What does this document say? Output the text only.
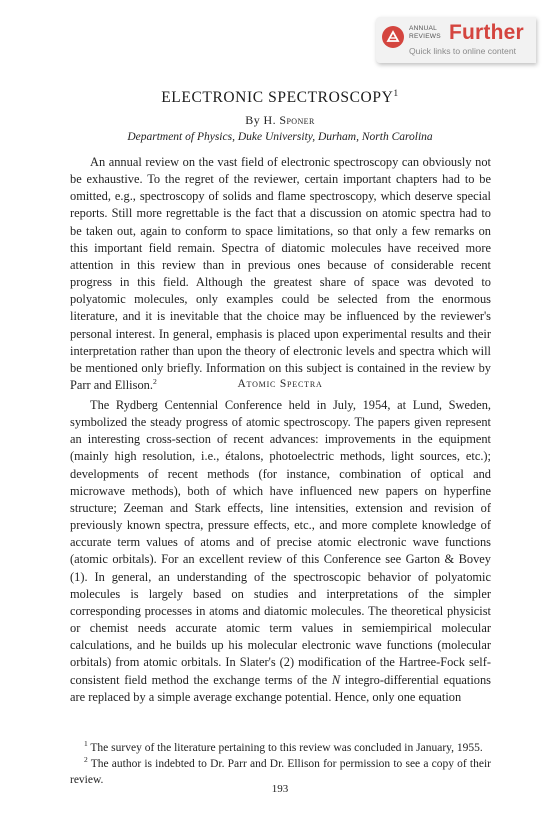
ANNUAL
REVIEWS Further
Quick links to online content
ELECTRONIC SPECTROSCOPY$^1$
By H. Sponer
Department of Physics, Duke University, Durham, North Carolina

An annual review on the vast field of electronic spectroscopy can obviously not be exhaustive. To the regret of the reviewer, certain important chapters had to be omitted, e.g., spectroscopy of solids and flame spectroscopy, which deserve special reports. Still more regrettable is the fact that a discussion on atomic spectra had to be taken out, again to conform to space limitations, so that only a few remarks on this important field remain. Spectra of diatomic molecules have received more attention in this review than in previous ones because of considerable recent progress in this field. Although the greatest share of space was devoted to polyatomic molecules, only examples could be selected from the enormous literature, and it is inevitable that the choice may be influenced by the reviewer's personal interest. In general, emphasis is placed upon experimental results and their interpretation rather than upon the theory of electronic levels and spectra which will be mentioned only briefly. Information on this subject is contained in the review by Parr and Ellison.$^2$	Atomic Spectra

The Rydberg Centennial Conference held in July, 1954, at Lund, Sweden, symbolized the steady progress of atomic spectroscopy. The papers given represent an interesting cross-section of recent advances: improvements in the equipment (mainly high resolution, i.e., étalons, photoelectric methods, light sources, etc.); developments of recent methods (for instance, combination of optical and microwave methods), both of which have influenced new papers on hyperfine structure; Zeeman and Stark effects, line intensities, extension and revision of previously known spectra, pressure effects, etc., and more complete knowledge of accurate term values of atoms and of precise atomic electronic wave functions (atomic orbitals). For an excellent review of this Conference see Garton & Bovey (1). In general, an understanding of the spectroscopic behavior of polyatomic molecules is largely based on studies and interpretations of the simpler corresponding processes in atoms and diatomic molecules. The theoretical physicist or chemist needs accurate atomic term values in semiempirical molecular calculations, and he builds up his molecular electronic wave functions (molecular orbitals) from atomic orbitals. In Slater's (2) modification of the Hartree-Fock self-consistent field method the exchange terms of the N integro-differential equations are replaced by a simple average exchange potential. Hence, only one equation

$^1$ The survey of the literature pertaining to this review was concluded in January, 1955.

$^2$ The author is indebted to Dr. Parr and Dr. Ellison for permission to see a copy of their review.

193
